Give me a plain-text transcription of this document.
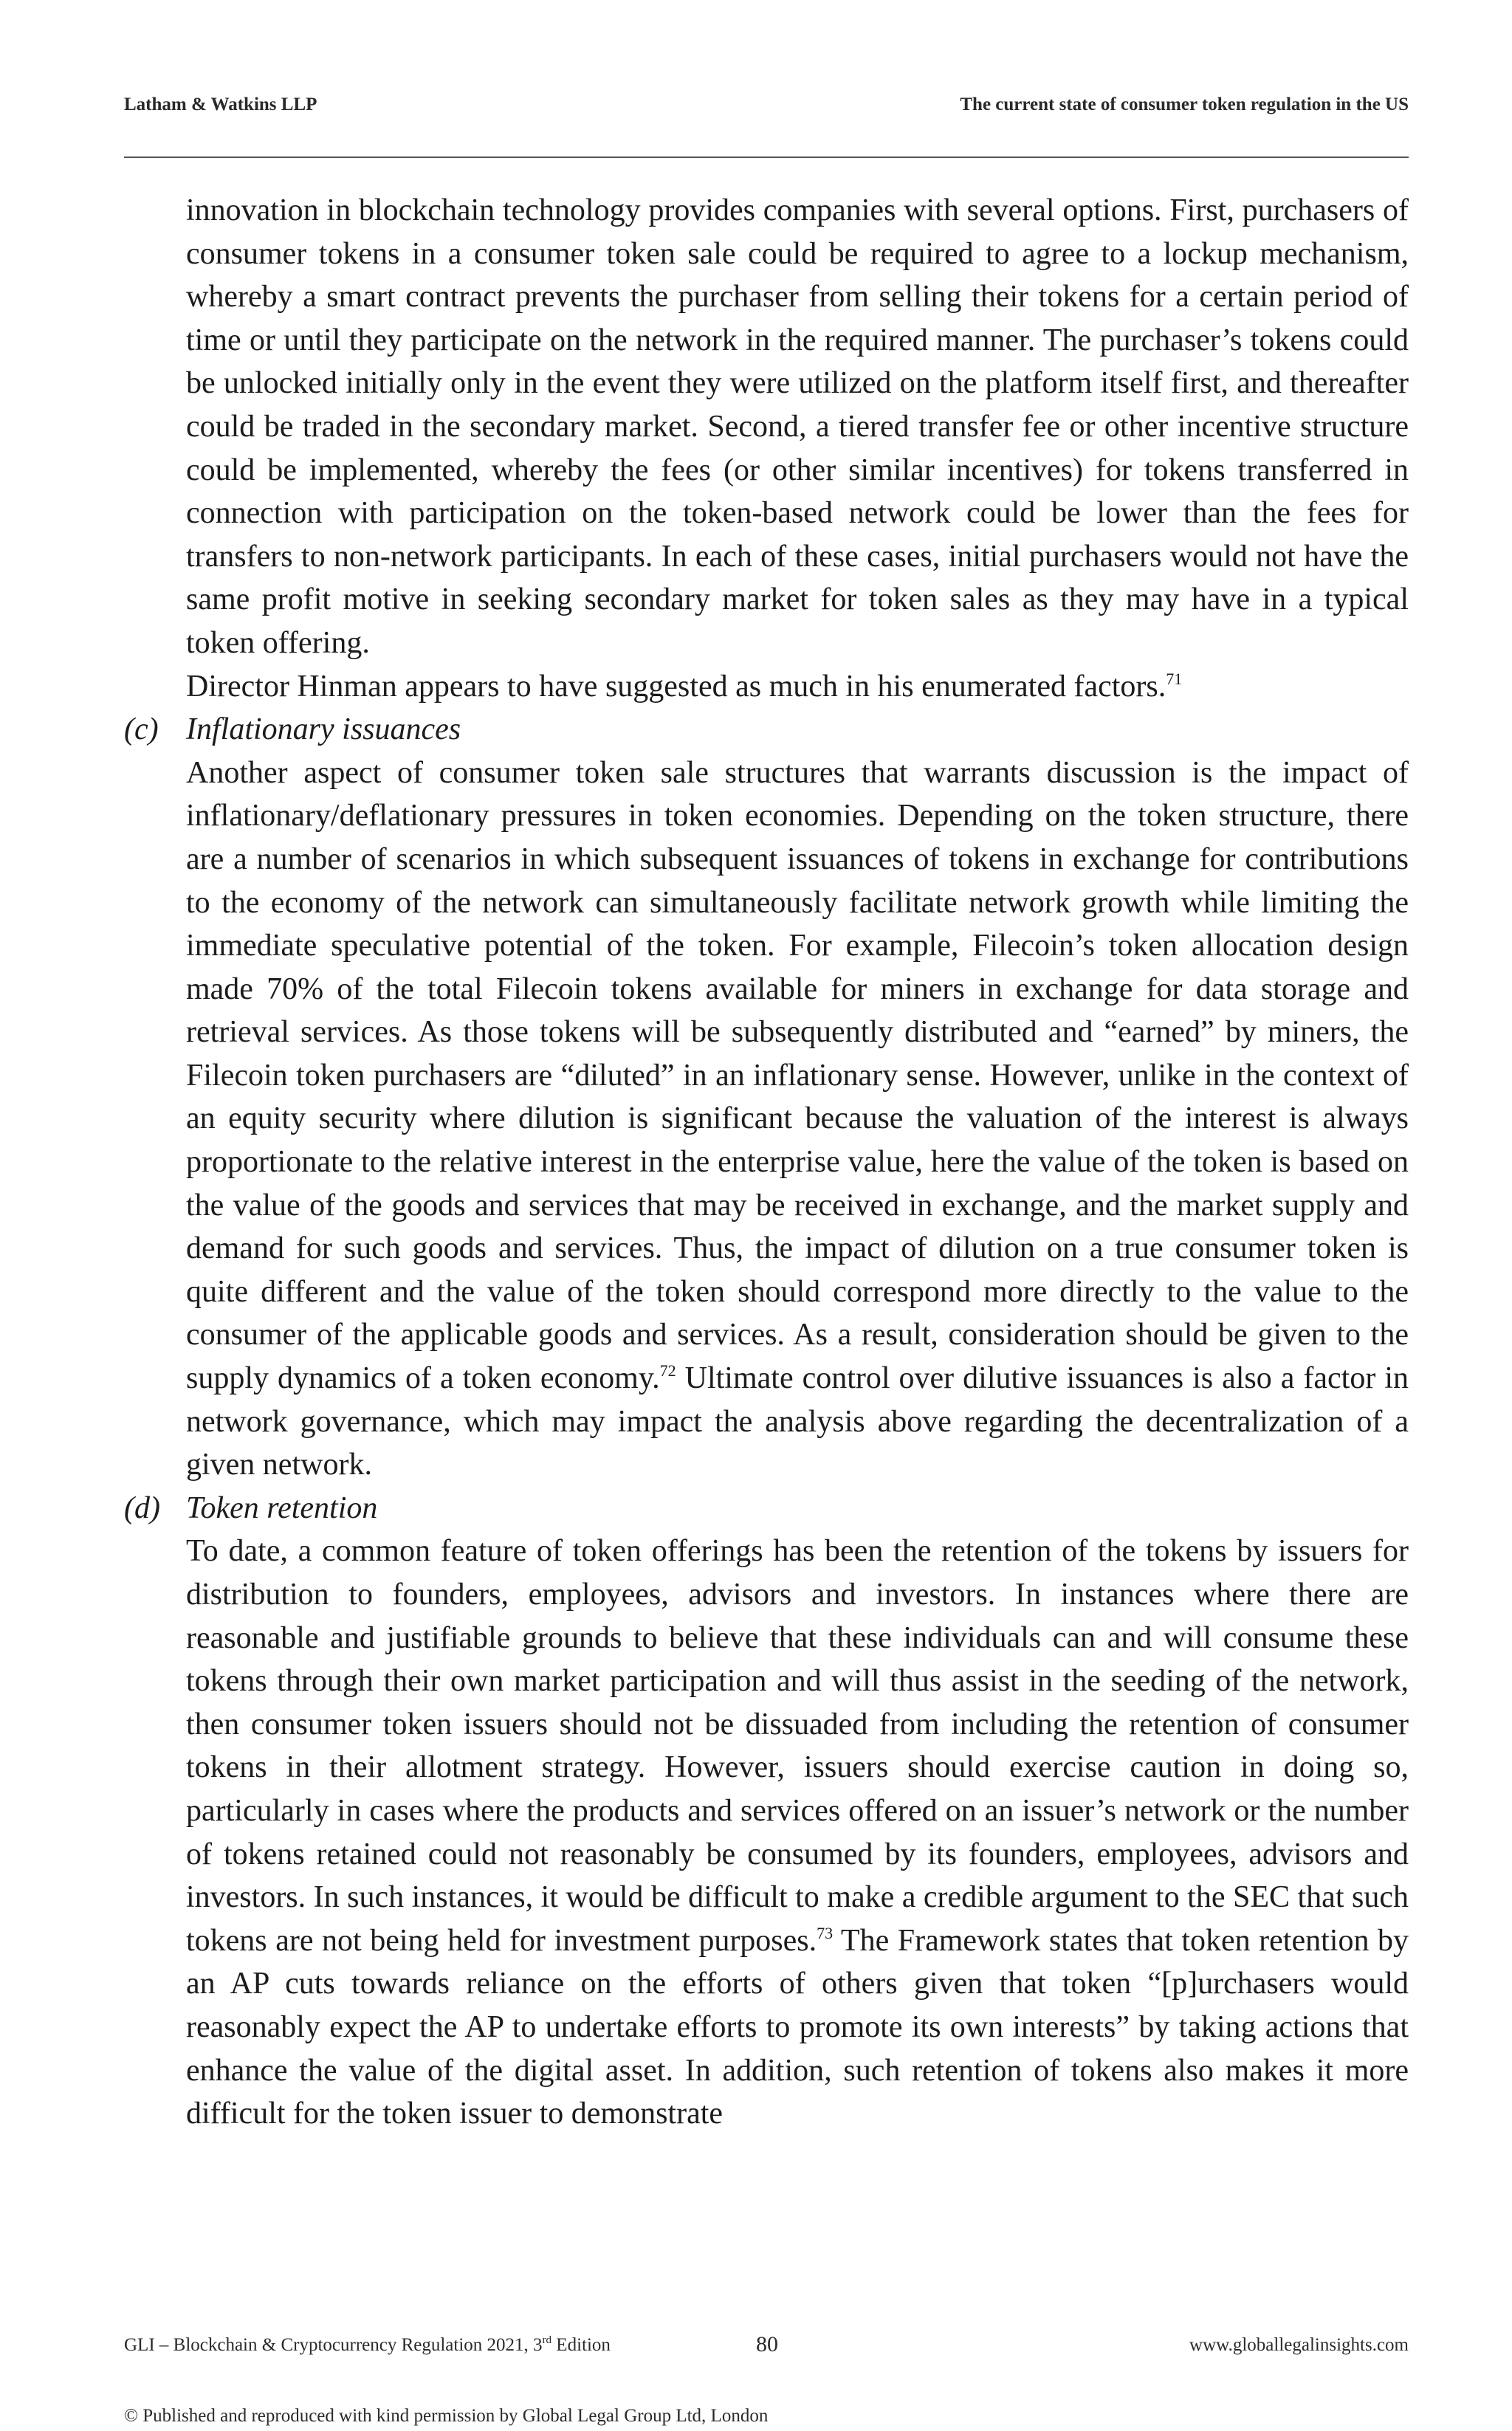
Latham & Watkins LLP	The current state of consumer token regulation in the US

innovation in blockchain technology provides companies with several options. First, purchasers of consumer tokens in a consumer token sale could be required to agree to a lockup mechanism, whereby a smart contract prevents the purchaser from selling their tokens for a certain period of time or until they participate on the network in the required manner. The purchaser’s tokens could be unlocked initially only in the event they were utilized on the platform itself first, and thereafter could be traded in the secondary market. Second, a tiered transfer fee or other incentive structure could be implemented, whereby the fees (or other similar incentives) for tokens transferred in connection with participation on the token-based network could be lower than the fees for transfers to non-network participants. In each of these cases, initial purchasers would not have the same profit motive in seeking secondary market for token sales as they may have in a typical token offering.

Director Hinman appears to have suggested as much in his enumerated factors.$^{71}$

(c) Inflationary issuances

Another aspect of consumer token sale structures that warrants discussion is the impact of inflationary/deflationary pressures in token economies. Depending on the token structure, there are a number of scenarios in which subsequent issuances of tokens in exchange for contributions to the economy of the network can simultaneously facilitate network growth while limiting the immediate speculative potential of the token. For example, Filecoin’s token allocation design made 70% of the total Filecoin tokens available for miners in exchange for data storage and retrieval services. As those tokens will be subsequently distributed and “earned” by miners, the Filecoin token purchasers are “diluted” in an inflationary sense. However, unlike in the context of an equity security where dilution is significant because the valuation of the interest is always proportionate to the relative interest in the enterprise value, here the value of the token is based on the value of the goods and services that may be received in exchange, and the market supply and demand for such goods and services. Thus, the impact of dilution on a true consumer token is quite different and the value of the token should correspond more directly to the value to the consumer of the applicable goods and services. As a result, consideration should be given to the supply dynamics of a token economy.$^{72}$ Ultimate control over dilutive issuances is also a factor in network governance, which may impact the analysis above regarding the decentralization of a given network.

(d) Token retention

To date, a common feature of token offerings has been the retention of the tokens by issuers for distribution to founders, employees, advisors and investors. In instances where there are reasonable and justifiable grounds to believe that these individuals can and will consume these tokens through their own market participation and will thus assist in the seeding of the network, then consumer token issuers should not be dissuaded from including the retention of consumer tokens in their allotment strategy. However, issuers should exercise caution in doing so, particularly in cases where the products and services offered on an issuer’s network or the number of tokens retained could not reasonably be consumed by its founders, employees, advisors and investors. In such instances, it would be difficult to make a credible argument to the SEC that such tokens are not being held for investment purposes.$^{73}$ The Framework states that token retention by an AP cuts towards reliance on the efforts of others given that token “[p]urchasers would reasonably expect the AP to undertake efforts to promote its own interests” by taking actions that enhance the value of the digital asset. In addition, such retention of tokens also makes it more difficult for the token issuer to demonstrate

GLI – Blockchain & Cryptocurrency Regulation 2021, 3rd Edition	80	www.globallegalinsights.com
© Published and reproduced with kind permission by Global Legal Group Ltd, London
